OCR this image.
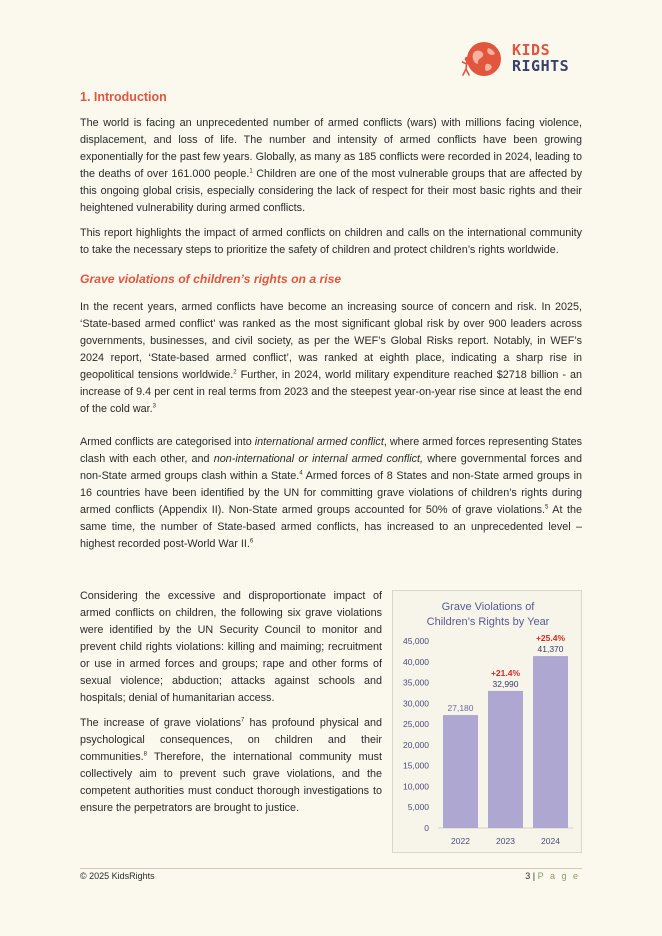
KIDS
RIGHTS
1. Introduction

The world is facing an unprecedented number of armed conflicts (wars) with millions facing violence, displacement, and loss of life. The number and intensity of armed conflicts have been growing exponentially for the past few years. Globally, as many as 185 conflicts were recorded in 2024, leading to the deaths of over 161.000 people.$^1$ Children are one of the most vulnerable groups that are affected by this ongoing global crisis, especially considering the lack of respect for their most basic rights and their heightened vulnerability during armed conflicts.

This report highlights the impact of armed conflicts on children and calls on the international community to take the necessary steps to prioritize the safety of children and protect children’s rights worldwide.

Grave violations of children’s rights on a rise

In the recent years, armed conflicts have become an increasing source of concern and risk. In 2025, ‘State-based armed conflict’ was ranked as the most significant global risk by over 900 leaders across governments, businesses, and civil society, as per the WEF’s Global Risks report. Notably, in WEF’s 2024 report, ‘State-based armed conflict’, was ranked at eighth place, indicating a sharp rise in geopolitical tensions worldwide.$^2$ Further, in 2024, world military expenditure reached $2718 billion - an increase of 9.4 per cent in real terms from 2023 and the steepest year-on-year rise since at least the end of the cold war.$^3$

Armed conflicts are categorised into international armed conflict, where armed forces representing States clash with each other, and non-international or internal armed conflict, where governmental forces and non-State armed groups clash within a State.$^4$ Armed forces of 8 States and non-State armed groups in 16 countries have been identified by the UN for committing grave violations of children’s rights during armed conflicts (Appendix II). Non-State armed groups accounted for 50% of grave violations.$^5$ At the same time, the number of State-based armed conflicts, has increased to an unprecedented level – highest recorded post-World War II.$^6$

Considering the excessive and disproportionate impact of armed conflicts on children, the following six grave violations were identified by the UN Security Council to monitor and prevent child rights violations: killing and maiming; recruitment or use in armed forces and groups; rape and other forms of sexual violence; abduction; attacks against schools and hospitals; denial of humanitarian access.

The increase of grave violations$^7$ has profound physical and psychological consequences, on children and their communities.$^8$ Therefore, the international community must collectively aim to prevent such grave violations, and the competent authorities must conduct thorough investigations to ensure the perpetrators are brought to justice.

Grave Violations of
Children’s Rights by Year
0
5,000
10,000
15,000
20,000
25,000
30,000
35,000
40,000
45,000
27,180
2022
32,990
+21.4%
2023
41,370
+25.4%
2024
© 2025 KidsRights	3 | P a g e
